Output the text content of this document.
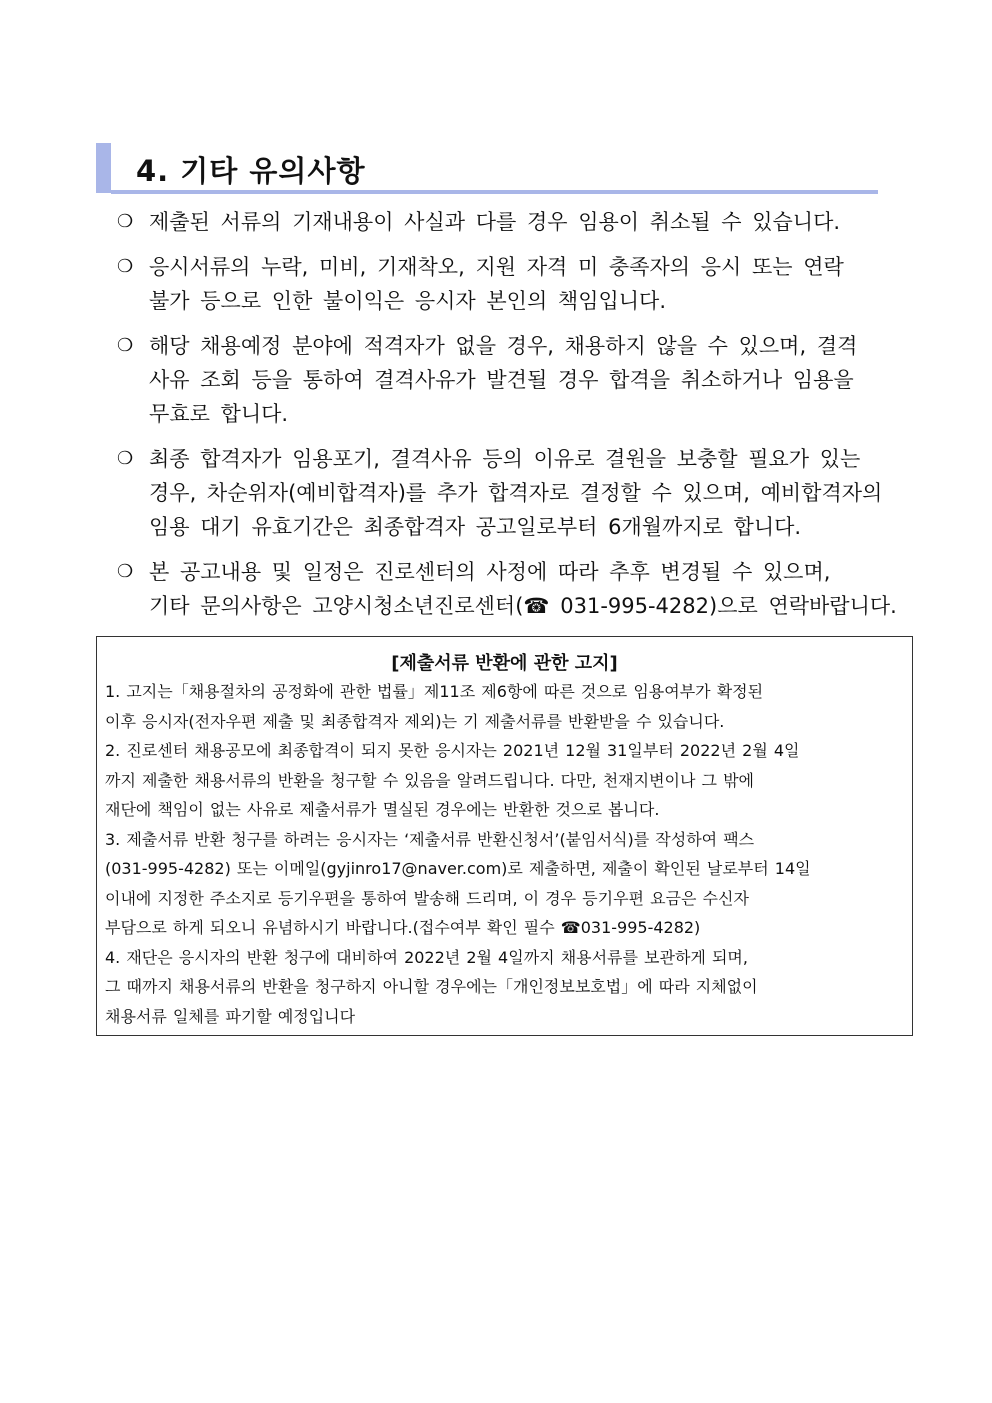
4. 기타 유의사항
❍ 제출된 서류의 기재내용이 사실과 다를 경우 임용이 취소될 수 있습니다.
❍ 응시서류의 누락, 미비, 기재착오, 지원 자격 미 충족자의 응시 또는 연락
불가 등으로 인한 불이익은 응시자 본인의 책임입니다.
❍ 해당 채용예정 분야에 적격자가 없을 경우, 채용하지 않을 수 있으며, 결격
사유 조회 등을 통하여 결격사유가 발견될 경우 합격을 취소하거나 임용을
무효로 합니다.
❍ 최종 합격자가 임용포기, 결격사유 등의 이유로 결원을 보충할 필요가 있는
경우, 차순위자(예비합격자)를 추가 합격자로 결정할 수 있으며, 예비합격자의
임용 대기 유효기간은 최종합격자 공고일로부터 6개월까지로 합니다.
❍ 본 공고내용 및 일정은 진로센터의 사정에 따라 추후 변경될 수 있으며,
기타 문의사항은 고양시청소년진로센터(☎ 031-995-4282)으로 연락바랍니다.
[제출서류 반환에 관한 고지]
1. 고지는「채용절차의 공정화에 관한 법률」제11조 제6항에 따른 것으로 임용여부가 확정된
이후 응시자(전자우편 제출 및 최종합격자 제외)는 기 제출서류를 반환받을 수 있습니다.
2. 진로센터 채용공모에 최종합격이 되지 못한 응시자는 2021년 12월 31일부터 2022년 2월 4일
까지 제출한 채용서류의 반환을 청구할 수 있음을 알려드립니다. 다만, 천재지변이나 그 밖에
재단에 책임이 없는 사유로 제출서류가 멸실된 경우에는 반환한 것으로 봅니다.
3. 제출서류 반환 청구를 하려는 응시자는 ‘제출서류 반환신청서’(붙임서식)를 작성하여 팩스
(031-995-4282) 또는 이메일(gyjinro17@naver.com)로 제출하면, 제출이 확인된 날로부터 14일
이내에 지정한 주소지로 등기우편을 통하여 발송해 드리며, 이 경우 등기우편 요금은 수신자
부담으로 하게 되오니 유념하시기 바랍니다.(접수여부 확인 필수 ☎031-995-4282)
4. 재단은 응시자의 반환 청구에 대비하여 2022년 2월 4일까지 채용서류를 보관하게 되며,
그 때까지 채용서류의 반환을 청구하지 아니할 경우에는「개인정보보호법」에 따라 지체없이
채용서류 일체를 파기할 예정입니다
